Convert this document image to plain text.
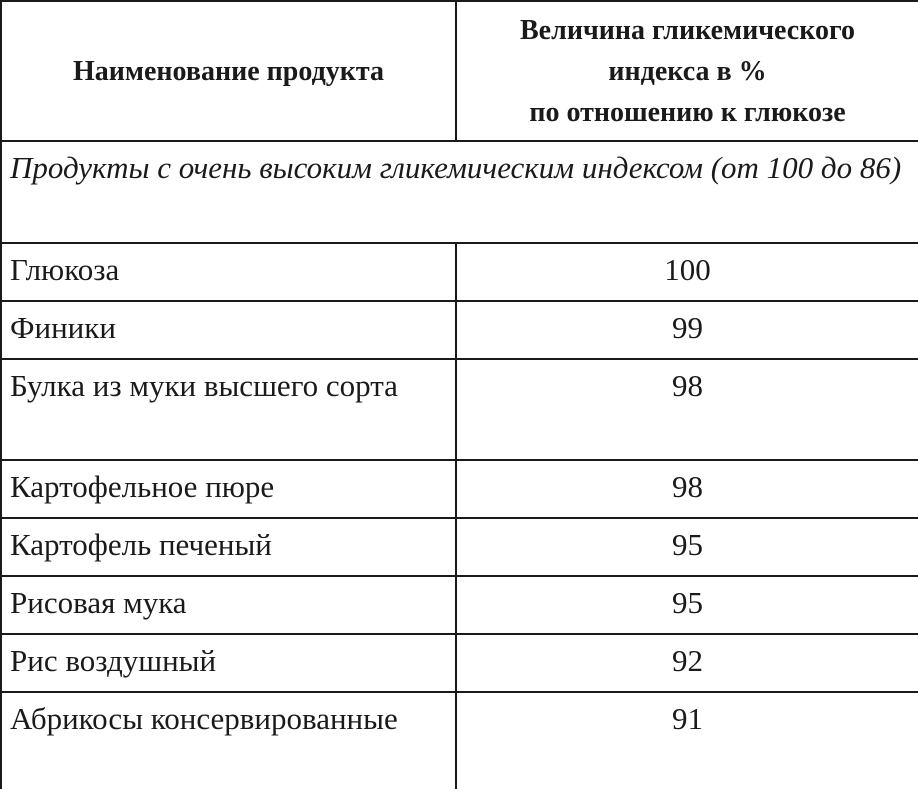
Наименование продукта	Величина гликемического
индекса в %
по отношению к глюкозе

Продукты с очень высоким гликемическим индексом (от 100 до 86)	
Глюкоза	100
Финики	99
Булка из муки высшего сорта	98
Картофельное пюре	98
Картофель печеный	95
Рисовая мука	95
Рис воздушный	92
Абрикосы консервированные	91
